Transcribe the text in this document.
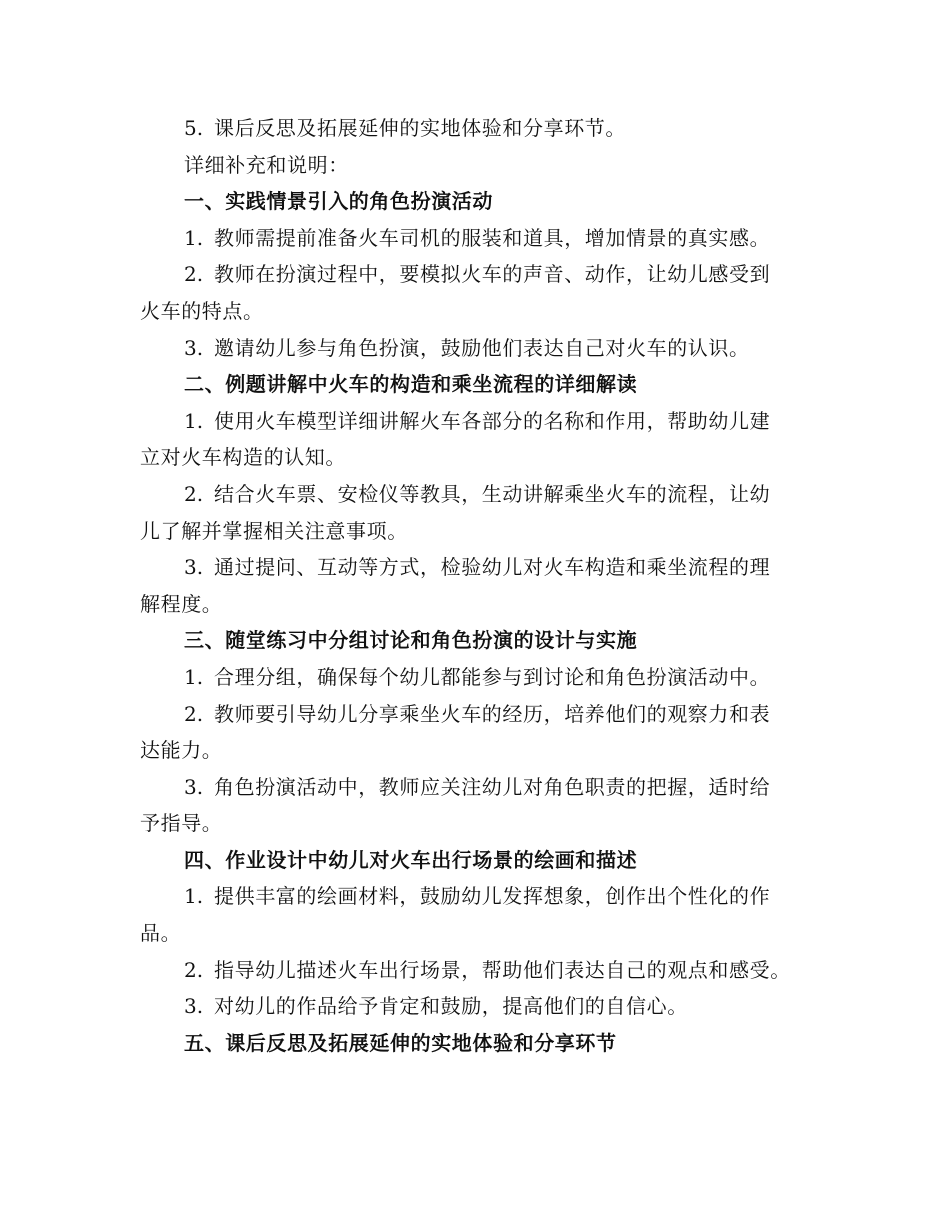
5. 课后反思及拓展延伸的实地体验和分享环节。
详细补充和说明：
一、实践情景引入的角色扮演活动
1. 教师需提前准备火车司机的服装和道具，增加情景的真实感。
2. 教师在扮演过程中，要模拟火车的声音、动作，让幼儿感受到
火车的特点。
3. 邀请幼儿参与角色扮演，鼓励他们表达自己对火车的认识。
二、例题讲解中火车的构造和乘坐流程的详细解读
1. 使用火车模型详细讲解火车各部分的名称和作用，帮助幼儿建
立对火车构造的认知。
2. 结合火车票、安检仪等教具，生动讲解乘坐火车的流程，让幼
儿了解并掌握相关注意事项。
3. 通过提问、互动等方式，检验幼儿对火车构造和乘坐流程的理
解程度。
三、随堂练习中分组讨论和角色扮演的设计与实施
1. 合理分组，确保每个幼儿都能参与到讨论和角色扮演活动中。
2. 教师要引导幼儿分享乘坐火车的经历，培养他们的观察力和表
达能力。
3. 角色扮演活动中，教师应关注幼儿对角色职责的把握，适时给
予指导。
四、作业设计中幼儿对火车出行场景的绘画和描述
1. 提供丰富的绘画材料，鼓励幼儿发挥想象，创作出个性化的作
品。
2. 指导幼儿描述火车出行场景，帮助他们表达自己的观点和感受。
3. 对幼儿的作品给予肯定和鼓励，提高他们的自信心。
五、课后反思及拓展延伸的实地体验和分享环节
